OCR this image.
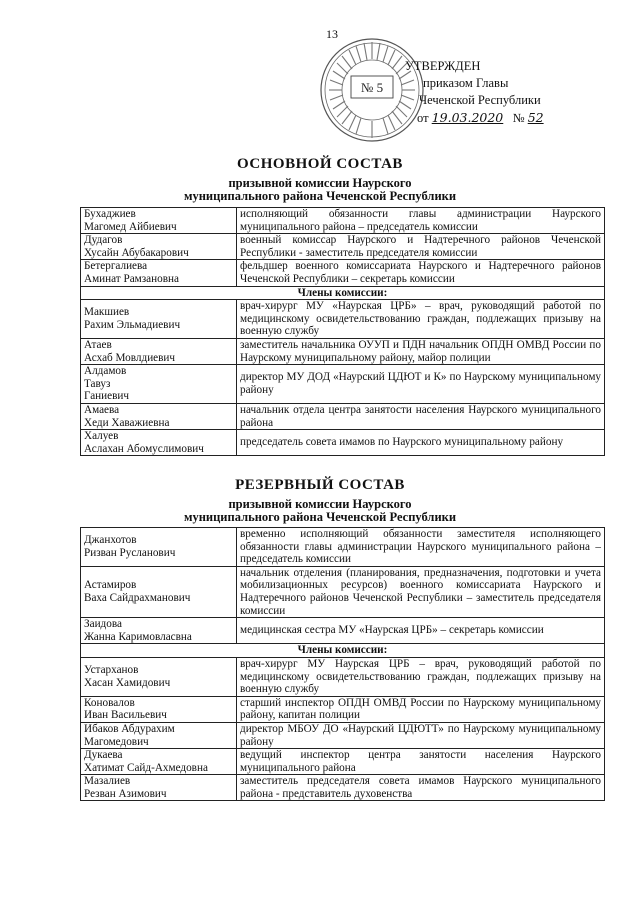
13
№ 5
УТВЕРЖДЕН
приказом Главы
Чеченской Республики
от 19.03.2020 № 52
ОСНОВНОЙ СОСТАВ
призывной комиссии Наурского
муниципального района Чеченской Республики
Бухаджиев
Магомед Айбиевич	исполняющий обязанности главы администрации Наурского муниципального района – председатель комиссии

Дудагов
Хусайн Абубакарович	военный комиссар Наурского и Надтеречного районов Чеченской Республики - заместитель председателя комиссии

Бетергалиева
Аминат Рамзановна	фельдшер военного комиссариата Наурского и Надтеречного районов Чеченской Республики – секретарь комиссии
Члены комиссии:	

Макшиев
Рахим Эльмадиевич	врач-хирург МУ «Наурская ЦРБ» – врач, руководящий работой по медицинскому освидетельствованию граждан, подлежащих призыву на военную службу

Атаев
Асхаб Мовлдиевич	заместитель начальника ОУУП и ПДН начальник ОПДН ОМВД России по Наурскому муниципальному району, майор полиции

Алдамов
Тавуз
Ганиевич	директор МУ ДОД «Наурский ЦДЮТ и К» по Наурскому муниципальному району

Амаева
Хеди Хаважиевна	начальник отдела центра занятости населения Наурского муниципального района

Халуев
Аслахан Абомуслимович	председатель совета имамов по Наурского муниципальному району
РЕЗЕРВНЫЙ СОСТАВ
призывной комиссии Наурского
муниципального района Чеченской Республики
Джанхотов
Ризван Русланович	временно исполняющий обязанности заместителя исполняющего обязанности главы администрации Наурского муниципального района – председатель комиссии

Астамиров
Ваха Сайдрахманович	начальник отделения (планирования, предназначения, подготовки и учета мобилизационных ресурсов) военного комиссариата Наурского и Надтеречного районов Чеченской Республики – заместитель председателя комиссии

Заидова
Жанна Каримовласвна	медицинская сестра МУ «Наурская ЦРБ» – секретарь комиссии
Члены комиссии:	

Устарханов
Хасан Хамидович	врач-хирург МУ Наурская ЦРБ – врач, руководящий работой по медицинскому освидетельствованию граждан, подлежащих призыву на военную службу

Коновалов
Иван Васильевич	старший инспектор ОПДН ОМВД России по Наурскому муниципальному району, капитан полиции

Ибаков Абдурахим
Магомедович	директор МБОУ ДО «Наурский ЦДЮТТ» по Наурскому муниципальному району

Дукаева
Хатимат Сайд-Ахмедовна	ведущий инспектор центра занятости населения Наурского муниципального района

Мазалиев
Резван Азимович	заместитель председателя совета имамов Наурского муниципального района - представитель духовенства
